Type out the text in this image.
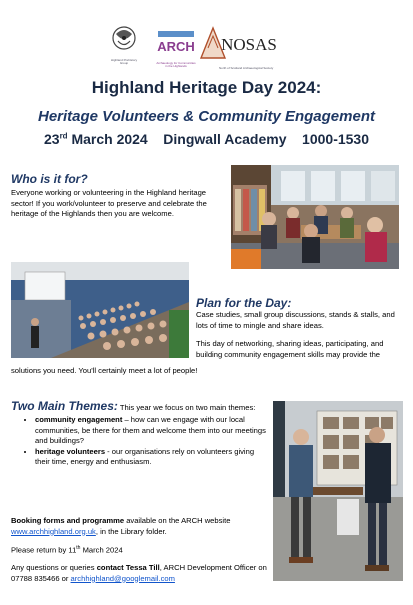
Highland Prehistory
Group
ARCH
Archaeology for Communities
in the Highlands
NOSAS
North of Scotland Archaeological Society
Highland Heritage Day 2024:
Heritage Volunteers & Community Engagement
23rd March 2024 Dingwall Academy 1000-1530
Who is it for?
Everyone working or volunteering in the Highland heritage sector! If you work/volunteer to preserve and celebrate the heritage of the Highlands then you are welcome.
Plan for the Day:
Case studies, small group discussions, stands & stalls, and lots of time to mingle and share ideas.
This day of networking, sharing ideas, participating, and building community engagement skills may provide the
solutions you need. You'll certainly meet a lot of people!
Two Main Themes: This year we focus on two main themes:
• community engagement – how can we engage with our local communities, be there for them and welcome them into our meetings and buildings?
• heritage volunteers - our organisations rely on volunteers giving their time, energy and enthusiasm.
Booking forms and programme available on the ARCH website
www.archhighland.org.uk, in the Library folder.
Please return by 11th March 2024
Any questions or queries contact Tessa Till, ARCH Development Officer on 07788 835466 or archhighland@googlemail.com
